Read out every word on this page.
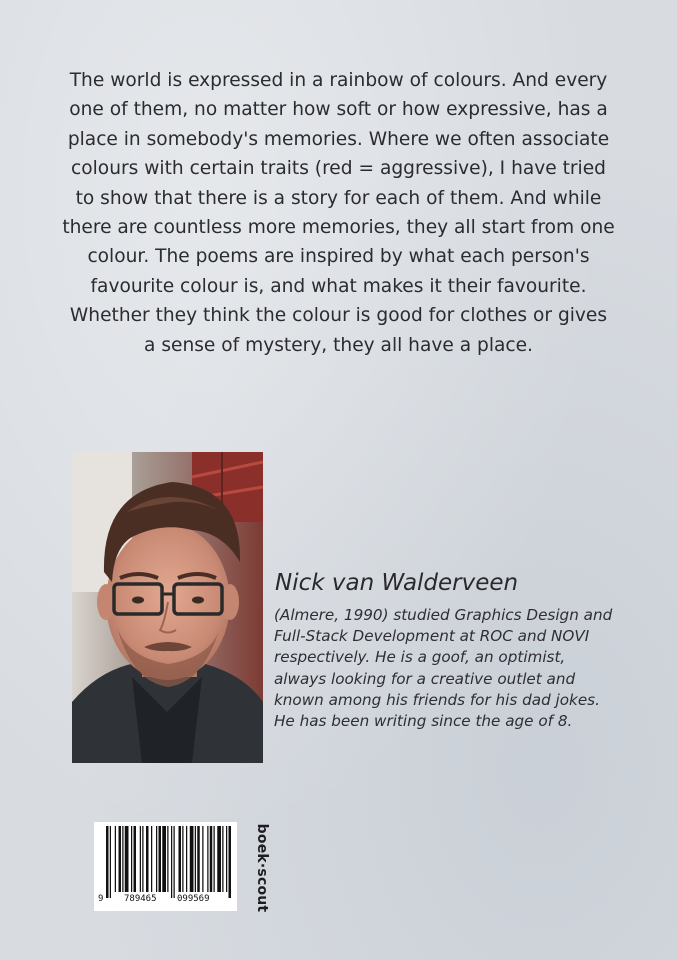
The world is expressed in a rainbow of colours. And every one of them, no matter how soft or how expressive, has a place in somebody's memories. Where we often associate colours with certain traits (red = aggressive), I have tried to show that there is a story for each of them. And while there are countless more memories, they all start from one colour. The poems are inspired by what each person's favourite colour is, and what makes it their favourite. Whether they think the colour is good for clothes or gives a sense of mystery, they all have a place.

Nick van Walderveen

(Almere, 1990) studied Graphics Design and Full-Stack Development at ROC and NOVI respectively. He is a goof, an optimist, always looking for a creative outlet and known among his friends for his dad jokes. He has been writing since the age of 8.

9 789465 099569	boek·scout
